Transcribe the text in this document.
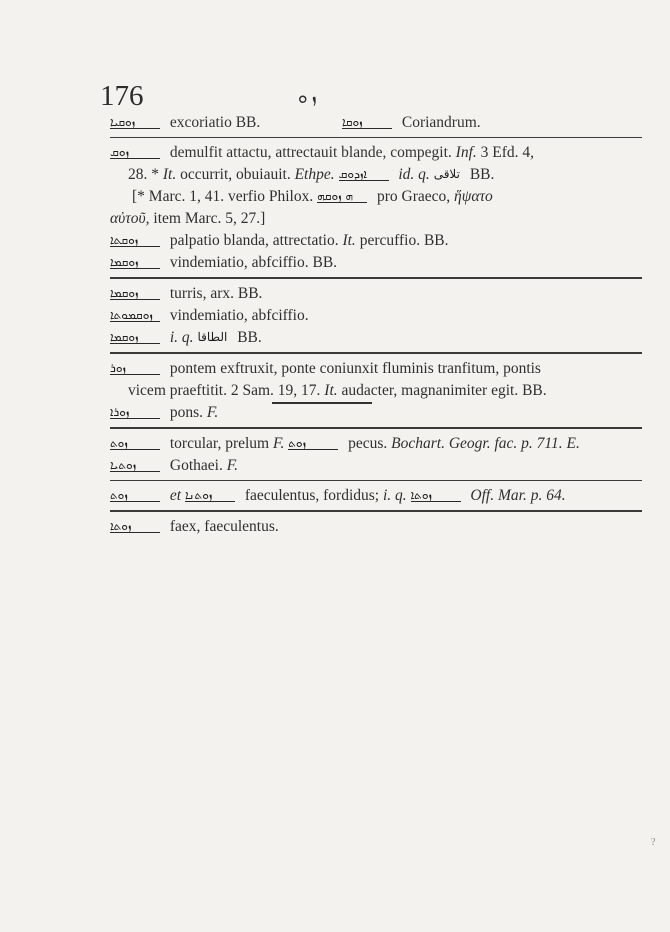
176	ܙ ܘ
ܙܘܩܝܐ excoriatio BB.	ܙܘܩܐ	Coriandrum.
ܙܘܩ	demulfit attactu, attrectauit blande, compegit. Inf. 3 Efd. 4,
28. * It. occurrit, obuiauit. Ethpe. ܐܙܕܘܩ id. q. تلاقى BB.
[* Marc. 1, 41. verfio Philox. ܗ ܙܘܩܗ pro Graeco, ἥψατο
αὐτοῦ, item Marc. 5, 27.]
ܙܘܩܬܐ palpatio blanda, attrectatio. It. percuffio. BB.
ܙܘܩܡܐ vindemiatio, abfciffio. BB.
ܙܘܩܡܐ turris, arx. BB.
ܙܘܩܡܘܬܐ vindemiatio, abfciffio.
ܙܘܩܡܐ i. q. الطاقا BB.
ܙܘܪ	pontem exftruxit, ponte coniunxit fluminis tranfitum, pontis
vicem praeftitit. 2 Sam. 19, 17. It. audacter, magnanimiter egit. BB.
ܙܘܪܐ	pons. F.
ܙܘܬ	torcular, prelum F. ܙܘܬ	pecus. Bochart. Geogr. fac. p. 711. E.
ܙܘܬܝܐ Gothaei. F.
ܙܘܬ	et ܙܘܬܢܐ faeculentus, fordidus; i. q. ܙܘܬܐ Off. Mar. p. 64.
ܙܘܬܐ faex, faeculentus.
?
